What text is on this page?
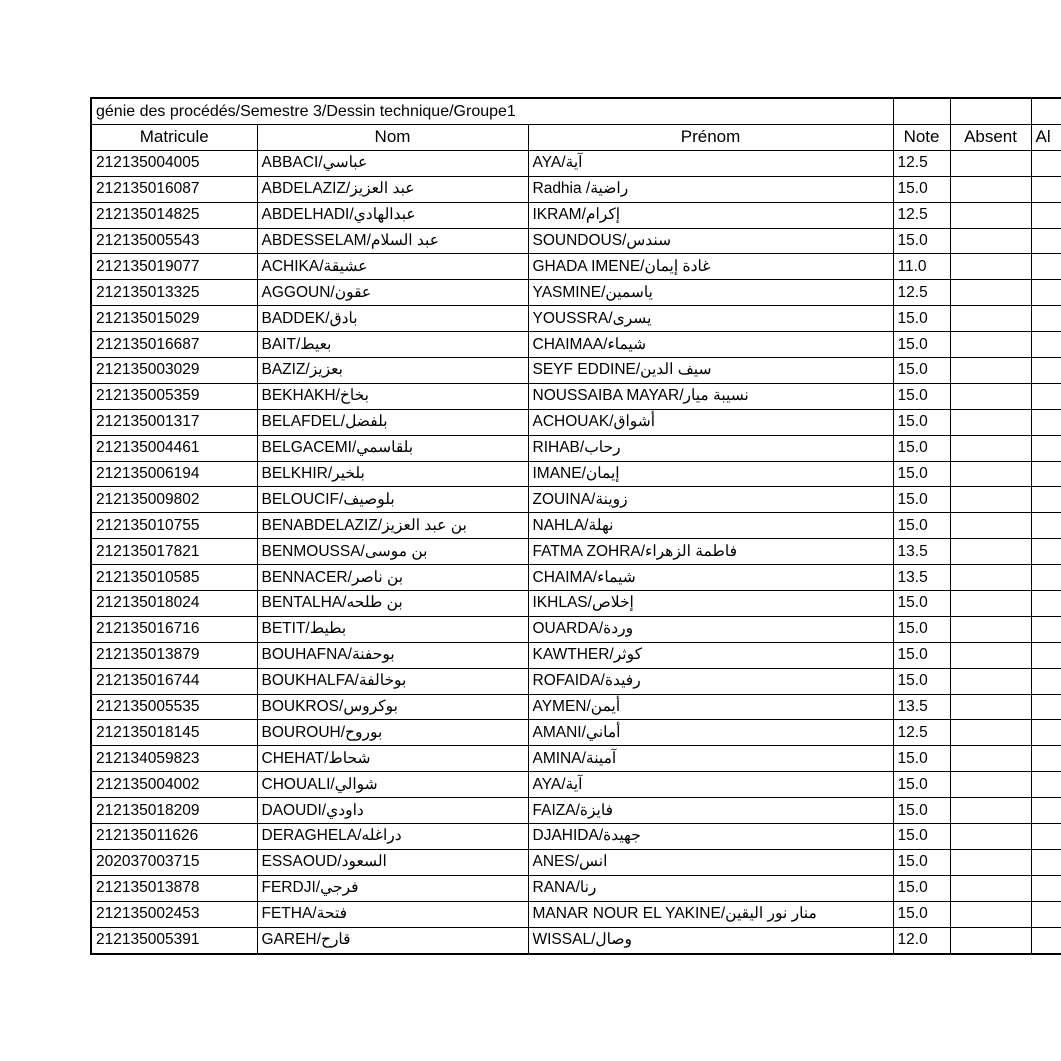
génie des procédés/Semestre 3/Dessin technique/Groupe1					
Matricule	Nom	Prénom	Note	Absent	Al
212135004005	ABBACI/عباسي	AYA/آية	12.5		
212135016087	ABDELAZIZ/عبد العزيز	Radhia /راضية	15.0		
212135014825	ABDELHADI/عبدالهادي	IKRAM/إكرام	12.5		
212135005543	ABDESSELAM/عبد السلام	SOUNDOUS/سندس	15.0		
212135019077	ACHIKA/عشيقة	GHADA IMENE/غادة إيمان	11.0		
212135013325	AGGOUN/عقون	YASMINE/ياسمين	12.5		
212135015029	BADDEK/بادق	YOUSSRA/يسرى	15.0		
212135016687	BAIT/بعيط	CHAIMAA/شيماء	15.0		
212135003029	BAZIZ/بعزيز	SEYF EDDINE/سيف الدين	15.0		
212135005359	BEKHAKH/بخاخ	NOUSSAIBA MAYAR/نسيبة ميار	15.0		
212135001317	BELAFDEL/بلفضل	ACHOUAK/أشواق	15.0		
212135004461	BELGACEMI/بلقاسمي	RIHAB/رحاب	15.0		
212135006194	BELKHIR/بلخير	IMANE/إيمان	15.0		
212135009802	BELOUCIF/بلوصيف	ZOUINA/زوينة	15.0		
212135010755	BENABDELAZIZ/بن عبد العزيز	NAHLA/نهلة	15.0		
212135017821	BENMOUSSA/بن موسى	FATMA ZOHRA/فاطمة الزهراء	13.5		
212135010585	BENNACER/بن ناصر	CHAIMA/شيماء	13.5		
212135018024	BENTALHA/بن طلحه	IKHLAS/إخلاص	15.0		
212135016716	BETIT/بطيط	OUARDA/وردة	15.0		
212135013879	BOUHAFNA/بوحفنة	KAWTHER/كوثر	15.0		
212135016744	BOUKHALFA/بوخالفة	ROFAIDA/رفيدة	15.0		
212135005535	BOUKROS/بوكروس	AYMEN/أيمن	13.5		
212135018145	BOUROUH/بوروح	AMANI/أماني	12.5		
212134059823	CHEHAT/شحاط	AMINA/آمينة	15.0		
212135004002	CHOUALI/شوالي	AYA/آية	15.0		
212135018209	DAOUDI/داودي	FAIZA/فايزة	15.0		
212135011626	DERAGHELA/دراغله	DJAHIDA/جهيدة	15.0		
202037003715	ESSAOUD/السعود	ANES/انس	15.0		
212135013878	FERDJI/فرجي	RANA/رنا	15.0		
212135002453	FETHA/فتحة	MANAR NOUR EL YAKINE/منار نور اليقين	15.0		
212135005391	GAREH/قارح	WISSAL/وصال	12.0		
